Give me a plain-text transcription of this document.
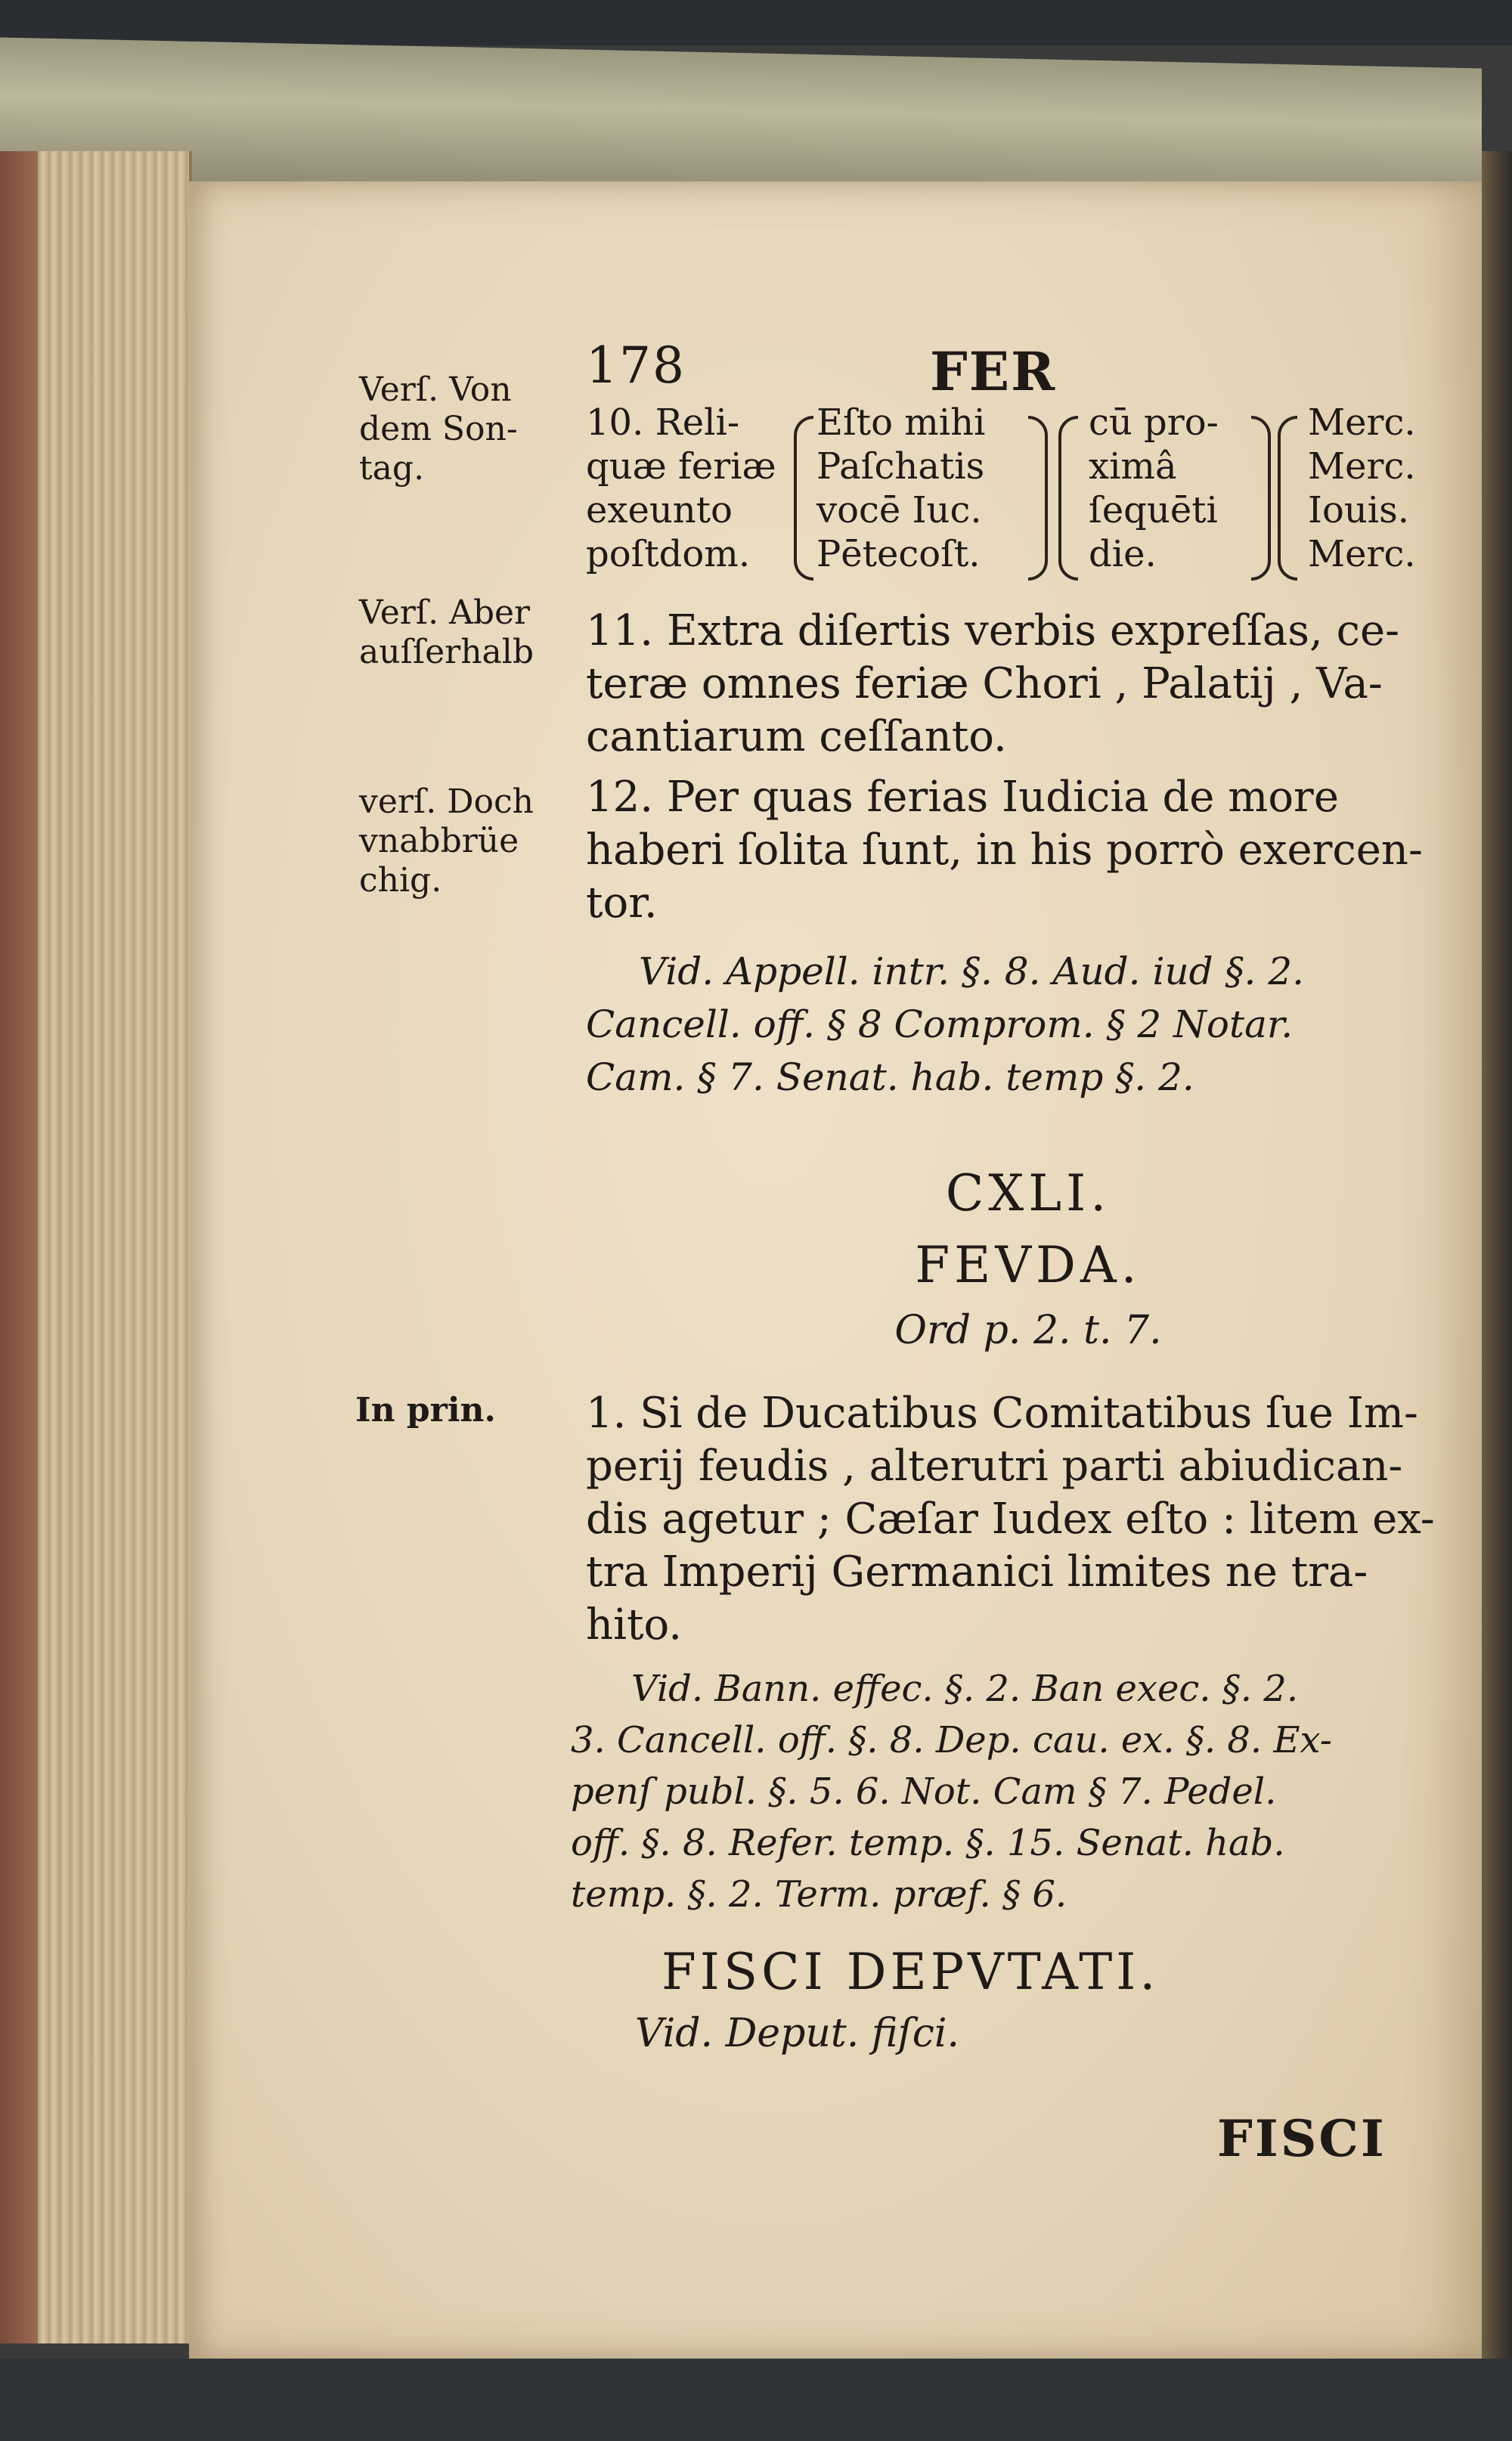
178	FER
Verſ. Von
dem Son-
tag.
Verſ. Aber
auſſerhalb
verſ. Doch
vnabbrüe
chig.
In prin.
10. Reli-
quæ feriæ
exeunto
poſtdom.
Eſto mihi
Paſchatis
vocē Iuc.
Pētecoſt.
cū pro-
ximâ
ſequēti
die.
Merc.
Merc.
Iouis.
Merc.
11. Extra diſertis verbis expreſſas, ce-
teræ omnes feriæ Chori , Palatij , Va-
cantiarum ceſſanto.
12. Per quas ferias Iudicia de more
haberi ſolita ſunt, in his porrò exercen-
tor.
Vid. Appell. intr. §. 8. Aud. iud §. 2.
Cancell. off. § 8 Comprom. § 2 Notar.
Cam. § 7. Senat. hab. temp §. 2.
CXLI.
FEVDA.
Ord p. 2. t. 7.
1. Si de Ducatibus Comitatibus ſue Im-
perij feudis , alterutri parti abiudican-
dis agetur ; Cæſar Iudex eſto : litem ex-
tra Imperij Germanici limites ne tra-
hito.
Vid. Bann. effec. §. 2. Ban exec. §. 2.
3. Cancell. off. §. 8. Dep. cau. ex. §. 8. Ex-
penſ publ. §. 5. 6. Not. Cam § 7. Pedel.
off. §. 8. Refer. temp. §. 15. Senat. hab.
temp. §. 2. Term. præf. § 6.
FISCI DEPVTATI.
Vid. Deput. fiſci.
FISCI
